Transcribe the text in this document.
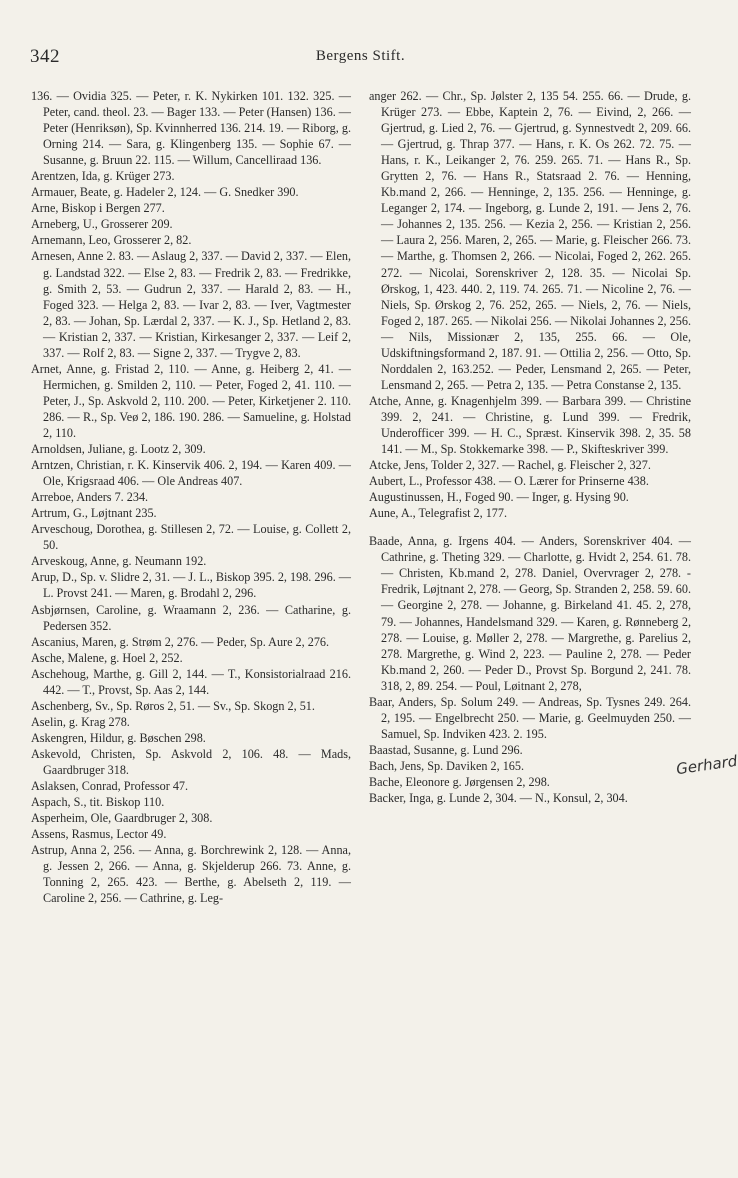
342	Bergens Stift.

136. — Ovidia 325. — Peter, r. K. Nykirken 101. 132. 325. — Peter, cand. theol. 23. — Bager 133. — Peter (Hansen) 136. — Peter (Henriksøn), Sp. Kvinnherred 136. 214. 19. — Riborg, g. Orning 214. — Sara, g. Klingenberg 135. — Sophie 67. — Susanne, g. Bruun 22. 115. — Willum, Cancelliraad 136.

Arentzen, Ida, g. Krüger 273.

Armauer, Beate, g. Hadeler 2, 124. — G. Snedker 390.

Arne, Biskop i Bergen 277.

Arneberg, U., Grosserer 209.

Arnemann, Leo, Grosserer 2, 82.

Arnesen, Anne 2. 83. — Aslaug 2, 337. — David 2, 337. — Elen, g. Landstad 322. — Else 2, 83. — Fredrik 2, 83. — Fredrikke, g. Smith 2, 53. — Gudrun 2, 337. — Harald 2, 83. — H., Foged 323. — Helga 2, 83. — Ivar 2, 83. — Iver, Vagtmester 2, 83. — Johan, Sp. Lærdal 2, 337. — K. J., Sp. Hetland 2, 83. — Kristian 2, 337. — Kristian, Kirkesanger 2, 337. — Leif 2, 337. — Rolf 2, 83. — Signe 2, 337. — Trygve 2, 83.

Arnet, Anne, g. Fristad 2, 110. — Anne, g. Heiberg 2, 41. — Hermichen, g. Smilden 2, 110. — Peter, Foged 2, 41. 110. — Peter, J., Sp. Askvold 2, 110. 200. — Peter, Kirketjener 2. 110. 286. — R., Sp. Veø 2, 186. 190. 286. — Samueline, g. Holstad 2, 110.

Arnoldsen, Juliane, g. Lootz 2, 309.

Arntzen, Christian, r. K. Kinservik 406. 2, 194. — Karen 409. — Ole, Krigsraad 406. — Ole Andreas 407.

Arreboe, Anders 7. 234.

Artrum, G., Løjtnant 235.

Arveschoug, Dorothea, g. Stillesen 2, 72. — Louise, g. Collett 2, 50.

Arveskoug, Anne, g. Neumann 192.

Arup, D., Sp. v. Slidre 2, 31. — J. L., Biskop 395. 2, 198. 296. — L. Provst 241. — Maren, g. Brodahl 2, 296.

Asbjørnsen, Caroline, g. Wraamann 2, 236. — Catharine, g. Pedersen 352.

Ascanius, Maren, g. Strøm 2, 276. — Peder, Sp. Aure 2, 276.

Asche, Malene, g. Hoel 2, 252.

Aschehoug, Marthe, g. Gill 2, 144. — T., Konsistorialraad 216. 442. — T., Provst, Sp. Aas 2, 144.

Aschenberg, Sv., Sp. Røros 2, 51. — Sv., Sp. Skogn 2, 51.

Aselin, g. Krag 278.

Askengren, Hildur, g. Bøschen 298.

Askevold, Christen, Sp. Askvold 2, 106. 48. — Mads, Gaardbruger 318.

Aslaksen, Conrad, Professor 47.

Aspach, S., tit. Biskop 110.

Asperheim, Ole, Gaardbruger 2, 308.

Assens, Rasmus, Lector 49.

Astrup, Anna 2, 256. — Anna, g. Borchrewink 2, 128. — Anna, g. Jessen 2, 266. — Anna, g. Skjelderup 266. 73. Anne, g. Tonning 2, 265. 423. — Berthe, g. Abelseth 2, 119. — Caroline 2, 256. — Cathrine, g. Leg-

anger 262. — Chr., Sp. Jølster 2, 135 54. 255. 66. — Drude, g. Krüger 273. — Ebbe, Kaptein 2, 76. — Eivind, 2, 266. — Gjertrud, g. Lied 2, 76. — Gjertrud, g. Synnestvedt 2, 209. 66. — Gjertrud, g. Thrap 377. — Hans, r. K. Os 262. 72. 75. — Hans, r. K., Leikanger 2, 76. 259. 265. 71. — Hans R., Sp. Grytten 2, 76. — Hans R., Statsraad 2. 76. — Henning, Kb.mand 2, 266. — Henninge, 2, 135. 256. — Henninge, g. Leganger 2, 174. — Ingeborg, g. Lunde 2, 191. — Jens 2, 76. — Johannes 2, 135. 256. — Kezia 2, 256. — Kristian 2, 256. — Laura 2, 256. Maren, 2, 265. — Marie, g. Fleischer 266. 73. — Marthe, g. Thomsen 2, 266. — Nicolai, Foged 2, 262. 265. 272. — Nicolai, Sorenskriver 2, 128. 35. — Nicolai Sp. Ørskog, 1, 423. 440. 2, 119. 74. 265. 71. — Nicoline 2, 76. — Niels, Sp. Ørskog 2, 76. 252, 265. — Niels, 2, 76. — Niels, Foged 2, 187. 265. — Nikolai 256. — Nikolai Johannes 2, 256. — Nils, Missionær 2, 135, 255. 66. — Ole, Udskiftningsformand 2, 187. 91. — Ottilia 2, 256. — Otto, Sp. Norddalen 2, 163.252. — Peder, Lensmand 2, 265. — Peter, Lensmand 2, 265. — Petra 2, 135. — Petra Constanse 2, 135.

Atche, Anne, g. Knagenhjelm 399. — Barbara 399. — Christine 399. 2, 241. — Christine, g. Lund 399. — Fredrik, Underofficer 399. — H. C., Spræst. Kinservik 398. 2, 35. 58 141. — M., Sp. Stokkemarke 398. — P., Skifteskriver 399.

Atcke, Jens, Tolder 2, 327. — Rachel, g. Fleischer 2, 327.

Aubert, L., Professor 438. — O. Lærer for Prinserne 438.

Augustinussen, H., Foged 90. — Inger, g. Hysing 90.

Aune, A., Telegrafist 2, 177.

Baade, Anna, g. Irgens 404. — Anders, Sorenskriver 404. — Cathrine, g. Theting 329. — Charlotte, g. Hvidt 2, 254. 61. 78. — Christen, Kb.mand 2, 278. Daniel, Overvrager 2, 278. - Fredrik, Løjtnant 2, 278. — Georg, Sp. Stranden 2, 258. 59. 60. — Georgine 2, 278. — Johanne, g. Birkeland 41. 45. 2, 278, 79. — Johannes, Handelsmand 329. — Karen, g. Rønneberg 2, 278. — Louise, g. Møller 2, 278. — Margrethe, g. Parelius 2, 278. Margrethe, g. Wind 2, 223. — Pauline 2, 278. — Peder Kb.mand 2, 260. — Peder D., Provst Sp. Borgund 2, 241. 78. 318, 2, 89. 254. — Poul, Løitnant 2, 278,

Baar, Anders, Sp. Solum 249. — Andreas, Sp. Tysnes 249. 264. 2, 195. — Engelbrecht 250. — Marie, g. Geelmuyden 250. — Samuel, Sp. Indviken 423. 2. 195.

Baastad, Susanne, g. Lund 296.

Bach, Jens, Sp. Daviken 2, 165.

Bache, Eleonore g. Jørgensen 2, 298.

Backer, Inga, g. Lunde 2, 304. — N., Konsul, 2, 304.

Gerhard
